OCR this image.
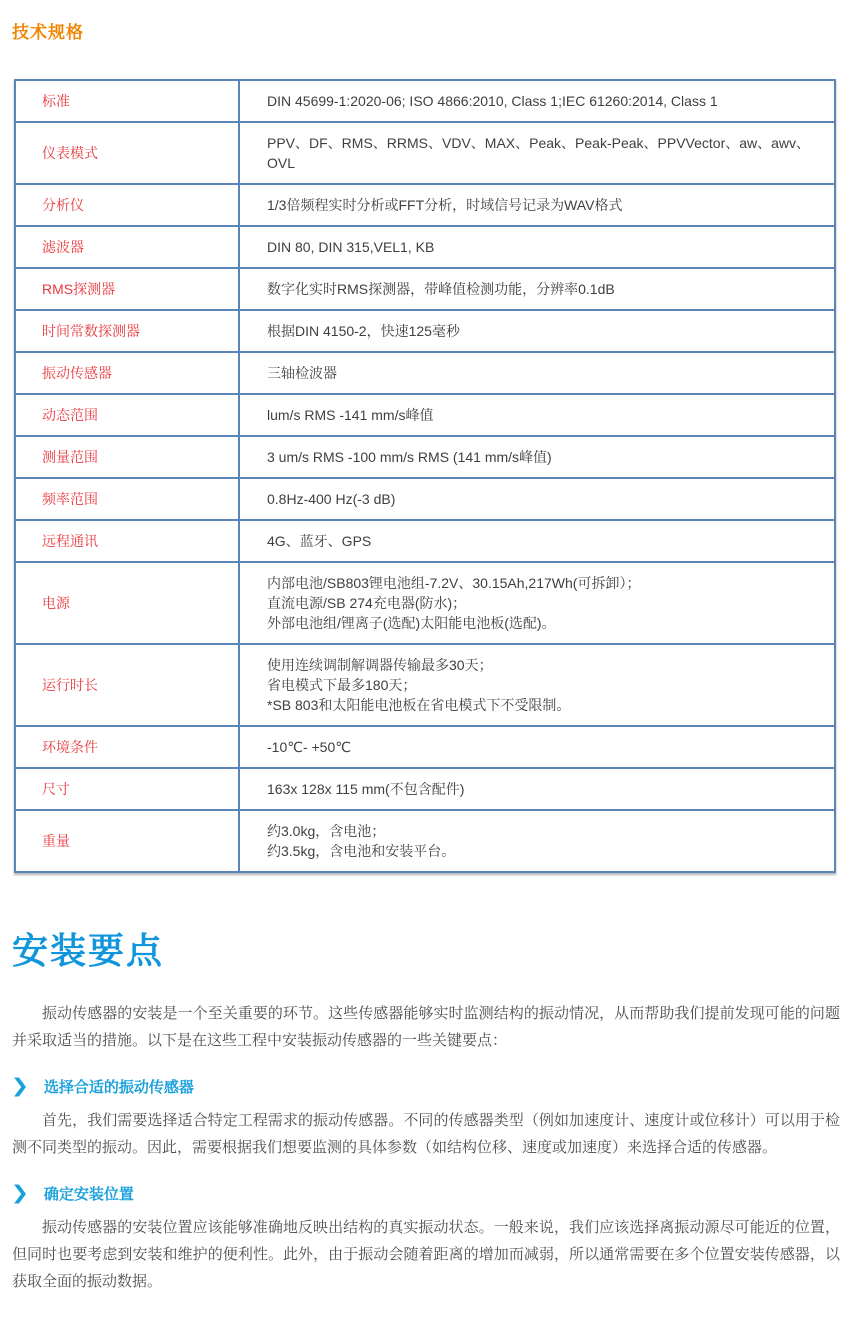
技术规格
标准	DIN 45699-1:2020-06; ISO 4866:2010, Class 1;IEC 61260:2014, Class 1

仪表模式	PPV、DF、RMS、RRMS、VDV、MAX、Peak、Peak-Peak、PPVVector、aw、awv、OVL

分析仪	1/3倍频程实时分析或FFT分析，时域信号记录为WAV格式

滤波器	DIN 80, DIN 315,VEL1, KB

RMS探测器	数字化实时RMS探测器，带峰值检测功能，分辨率0.1dB

时间常数探测器	根据DIN 4150-2，快速125毫秒

振动传感器	三轴检波器

动态范围	lum/s RMS -141 mm/s峰值

测量范围	3 um/s RMS -100 mm/s RMS (141 mm/s峰值)

频率范围	0.8Hz-400 Hz(-3 dB)

远程通讯	4G、蓝牙、GPS

电源	内部电池/SB803锂电池组-7.2V、30.15Ah,217Wh(可拆卸）；
直流电源/SB 274充电器(防水)；
外部电池组/锂离子(选配)太阳能电池板(选配)。

运行时长	使用连续调制解调器传输最多30天；
省电模式下最多180天；
*SB 803和太阳能电池板在省电模式下不受限制。

环境条件	-10℃- +50℃

尺寸	163x 128x 115 mm(不包含配件)

重量	约3.0kg，含电池；
约3.5kg，含电池和安装平台。
安装要点

振动传感器的安装是一个至关重要的环节。这些传感器能够实时监测结构的振动情况，从而帮助我们提前发现可能的问题并采取适当的措施。以下是在这些工程中安装振动传感器的一些关键要点：

❯ 选择合适的振动传感器

首先，我们需要选择适合特定工程需求的振动传感器。不同的传感器类型（例如加速度计、速度计或位移计）可以用于检测不同类型的振动。因此，需要根据我们想要监测的具体参数（如结构位移、速度或加速度）来选择合适的传感器。

❯ 确定安装位置

振动传感器的安装位置应该能够准确地反映出结构的真实振动状态。一般来说，我们应该选择离振动源尽可能近的位置，但同时也要考虑到安装和维护的便利性。此外，由于振动会随着距离的增加而减弱，所以通常需要在多个位置安装传感器，以获取全面的振动数据。
